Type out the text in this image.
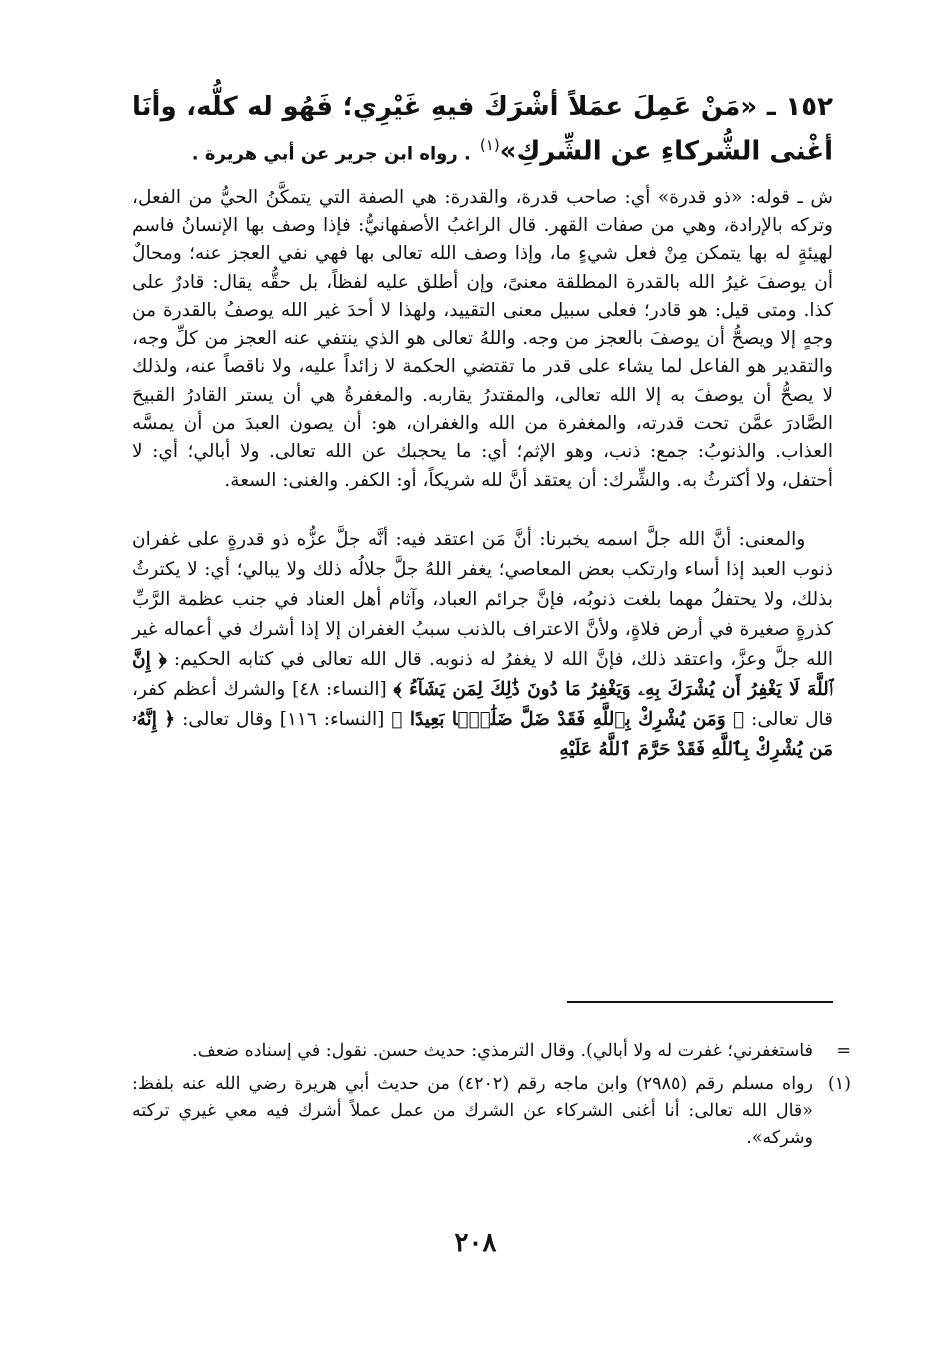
١٥٢ ـ «مَنْ عَمِلَ عمَلاً أشْرَكَ فيهِ غَيْرِي؛ فَهُو له كلُّه، وأنَا أغْنى الشُّركاءِ عن الشِّركِ»$^{(١)}$ . رواه ابن جرير عن أبي هريرة .

ش ـ قوله: «ذو قدرة» أي: صاحب قدرة، والقدرة: هي الصفة التي يتمكَّنُ الحيُّ من الفعل، وتركه بالإرادة، وهي من صفات القهر. قال الراغبُ الأصفهانيُّ: فإذا وصف بها الإنسانُ فاسم لهيئةٍ له بها يتمكن مِنْ فعل شيءٍ ما، وإذا وصف الله تعالى بها فهي نفي العجز عنه؛ ومحالٌ أن يوصفَ غيرُ الله بالقدرة المطلقة معنىً، وإن أطلق عليه لفظاً، بل حقُّه يقال: قادرٌ على كذا. ومتى قيل: هو قادر؛ فعلى سبيل معنى التقييد، ولهذا لا أحدَ غير الله يوصفُ بالقدرة من وجهٍ إلا ويصحُّ أن يوصفَ بالعجز من وجه. واللهُ تعالى هو الذي ينتفي عنه العجز من كلِّ وجه، والتقدير هو الفاعل لما يشاء على قدر ما تقتضي الحكمة لا زائداً عليه، ولا ناقصاً عنه، ولذلك لا يصحُّ أن يوصفَ به إلا الله تعالى، والمقتدرُ يقاربه. والمغفرةُ هي أن يستر القادرُ القبيحَ الصَّادرَ عمَّن تحت قدرته، والمغفرة من الله والغفران، هو: أن يصون العبدَ من أن يمسَّه العذاب. والذنوبُ: جمع: ذنب، وهو الإثم؛ أي: ما يحجبك عن الله تعالى. ولا أبالي؛ أي: لا أحتفل، ولا أكترثُ به. والشِّرك: أن يعتقد أنَّ لله شريكاً، أو: الكفر. والغنى: السعة.

والمعنى: أنَّ الله جلَّ اسمه يخبرنا: أنَّ مَن اعتقد فيه: أنَّه جلَّ عزُّه ذو قدرةٍ على غفران ذنوب العبد إذا أساء وارتكب بعض المعاصي؛ يغفر اللهُ جلَّ جلالُه ذلك ولا يبالي؛ أي: لا يكترثُ بذلك، ولا يحتفلُ مهما بلغت ذنوبُه، فإنَّ جرائم العباد، وآثام أهل العناد في جنب عظمة الرَّبِّ كذرةٍ صغيرة في أرض فلاةٍ، ولأنَّ الاعتراف بالذنب سببُ الغفران إلا إذا أشرك في أعماله غير الله جلَّ وعزَّ، واعتقد ذلك، فإنَّ الله لا يغفرُ له ذنوبه. قال الله تعالى في كتابه الحكيم: ﴿ إِنَّ ٱللَّهَ لَا يَغْفِرُ أَن يُشْرَكَ بِهِۦ وَيَغْفِرُ مَا دُونَ ذَٰلِكَ لِمَن يَشَآءُ ﴾ [النساء: ٤٨] والشرك أعظم كفر، قال تعالى: ﴿ وَمَن يُشْرِكْ بِٱللَّهِ فَقَدْ ضَلَّ ضَلَٰلًۢا بَعِيدًا ﴾ [النساء: ١١٦] وقال تعالى: ﴿ إِنَّهُۥ مَن يُشْرِكْ بِٱللَّهِ فَقَدْ حَرَّمَ ٱللَّهُ عَلَيْهِ

=
فاستغفرني؛ غفرت له ولا أبالي). وقال الترمذي: حديث حسن. نقول: في إسناده ضعف.
(١)
رواه مسلم رقم (٢٩٨٥) وابن ماجه رقم (٤٢٠٢) من حديث أبي هريرة رضي الله عنه بلفظ: «قال الله تعالى: أنا أغنى الشركاء عن الشرك من عمل عملاً أشرك فيه معي غيري تركته وشركه».
٢٠٨
